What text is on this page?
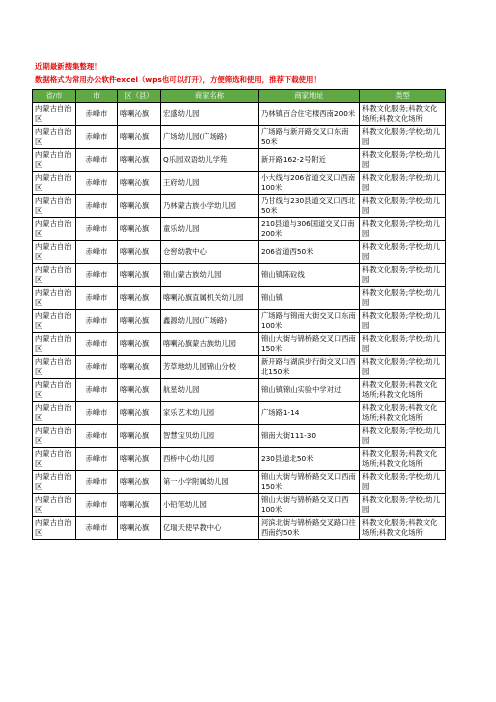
近期最新搜集整理！
数据格式为常用办公软件excel（wps也可以打开），方便筛选和使用，推荐下载使用！
省/市	市	区（县）	商家名称	商家地址	类型
内蒙古自治区	赤峰市	喀喇沁旗	宏盛幼儿园	乃林镇百合住宅楼西南200米	科教文化服务;科教文化场所;科教文化场所
内蒙古自治区	赤峰市	喀喇沁旗	广场幼儿园(广场路)	广场路与新开路交叉口东南50米	科教文化服务;学校;幼儿园
内蒙古自治区	赤峰市	喀喇沁旗	Q乐园双语幼儿学苑	新开路162-2号附近	科教文化服务;学校;幼儿园
内蒙古自治区	赤峰市	喀喇沁旗	王府幼儿园	小大线与206省道交叉口西南100米	科教文化服务;学校;幼儿园
内蒙古自治区	赤峰市	喀喇沁旗	乃林蒙古族小学幼儿园	乃甘线与230县道交叉口西北50米	科教文化服务;学校;幼儿园
内蒙古自治区	赤峰市	喀喇沁旗	童乐幼儿园	210县道与306国道交叉口南200米	科教文化服务;学校;幼儿园
内蒙古自治区	赤峰市	喀喇沁旗	仓窖幼教中心	206省道西50米	科教文化服务;学校;幼儿园
内蒙古自治区	赤峰市	喀喇沁旗	锦山蒙古族幼儿园	锦山镇陈砬线	科教文化服务;学校;幼儿园
内蒙古自治区	赤峰市	喀喇沁旗	喀喇沁旗直属机关幼儿园	锦山镇	科教文化服务;学校;幼儿园
内蒙古自治区	赤峰市	喀喇沁旗	鑫源幼儿园(广场路)	广场路与锦南大街交叉口东南100米	科教文化服务;学校;幼儿园
内蒙古自治区	赤峰市	喀喇沁旗	喀喇沁旗蒙古族幼儿园	锦山大街与锦桥路交叉口西南150米	科教文化服务;学校;幼儿园
内蒙古自治区	赤峰市	喀喇沁旗	芳草地幼儿园锦山分校	新开路与湖滨步行街交叉口西北150米	科教文化服务;学校;幼儿园
内蒙古自治区	赤峰市	喀喇沁旗	航星幼儿园	锦山镇锦山实验中学对过	科教文化服务;科教文化场所;科教文化场所
内蒙古自治区	赤峰市	喀喇沁旗	家乐艺术幼儿园	广场路1-14	科教文化服务;科教文化场所;科教文化场所
内蒙古自治区	赤峰市	喀喇沁旗	智慧宝贝幼儿园	锦南大街111-30	科教文化服务;学校;幼儿园
内蒙古自治区	赤峰市	喀喇沁旗	西桥中心幼儿园	230县道北50米	科教文化服务;科教文化场所;科教文化场所
内蒙古自治区	赤峰市	喀喇沁旗	第一小学附属幼儿园	锦山大街与锦桥路交叉口西南150米	科教文化服务;学校;幼儿园
内蒙古自治区	赤峰市	喀喇沁旗	小铅笔幼儿园	锦山大街与锦桥路交叉口西100米	科教文化服务;学校;幼儿园
内蒙古自治区	赤峰市	喀喇沁旗	亿瑞天使早教中心	河滨北街与锦桥路交叉路口往西南约50米	科教文化服务;科教文化场所;科教文化场所
